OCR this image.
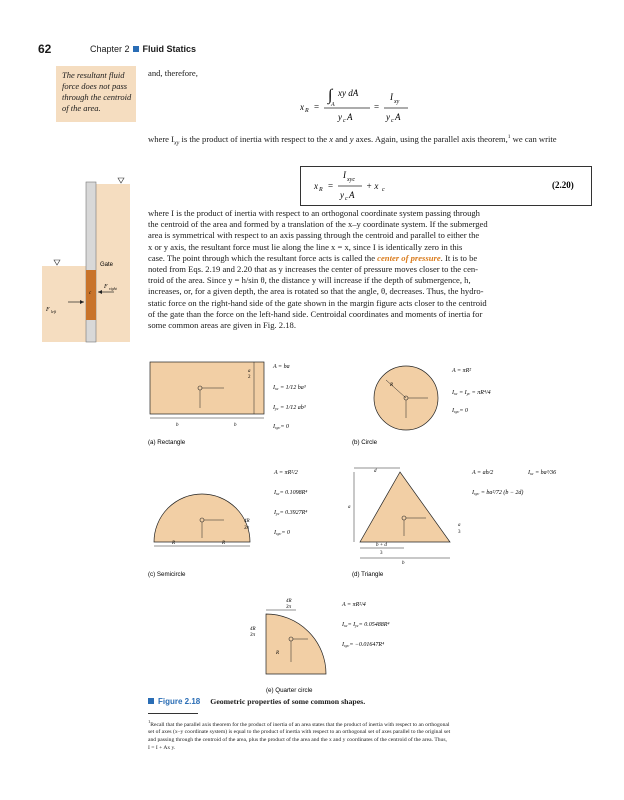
62	Chapter 2 Fluid Statics
The resultant fluid force does not pass through the centroid of the area.
and, therefore,
x R =
∫
A
xy dA
y c A
=
I xy
y c A
where $I_{xy}$ is the product of inertia with respect to the x and y axes. Again, using the parallel axis theorem,$^1$ we can write
x R =
I xyc
y c A
+ x c	(2.20)
where I is the product of inertia with respect to an orthogonal coordinate system passing through
the centroid of the area and formed by a translation of the x–y coordinate system. If the submerged
area is symmetrical with respect to an axis passing through the centroid and parallel to either the
x or y axis, the resultant force must lie along the line x = x, since I is identically zero in this
case. The point through which the resultant force acts is called the center of pressure. It is to be
noted from Eqs. 2.19 and 2.20 that as y increases the center of pressure moves closer to the cen-
troid of the area. Since y = h/sin θ, the distance y will increase if the depth of submergence, h,
increases, or, for a given depth, the area is rotated so that the angle, θ, decreases. Thus, the hydro-
static force on the right-hand side of the gate shown in the margin figure acts closer to the centroid
of the gate than the force on the left-hand side. Centroidal coordinates and moments of inertia for
some common areas are given in Fig. 2.18.
Gate
c
F left
F right
a
2
b	b
A = ba
Ixc = 1/12 ba³
Iyc = 1/12 ab³
Ixyc= 0
(a) Rectangle
R
A = πR²
Ixc = Iyc = πR⁴/4
Ixyc= 0
(b) Circle
R	R
4R
3π
A = πR²/2
Ixc= 0.1098R⁴
Iyc= 0.3927R⁴
Ixyc= 0
(c) Semicircle
d
a
b + d
3
b
a
3
A = ab/2	Ixc = ba³/36
Ixyc = ba²/72 (b − 2d)
(d) Triangle
4R
3π
4R
3π
R
A = πR²/4
Ixc= Iyc= 0.05488R⁴
Ixyc= −0.01647R⁴
(e) Quarter circle
Figure 2.18 Geometric properties of some common shapes.
$^1$Recall that the parallel axis theorem for the product of inertia of an area states that the product of inertia with respect to an orthogonal
set of axes (x–y coordinate system) is equal to the product of inertia with respect to an orthogonal set of axes parallel to the original set
and passing through the centroid of the area, plus the product of the area and the x and y coordinates of the centroid of the area. Thus,
I = I + Ax y.
